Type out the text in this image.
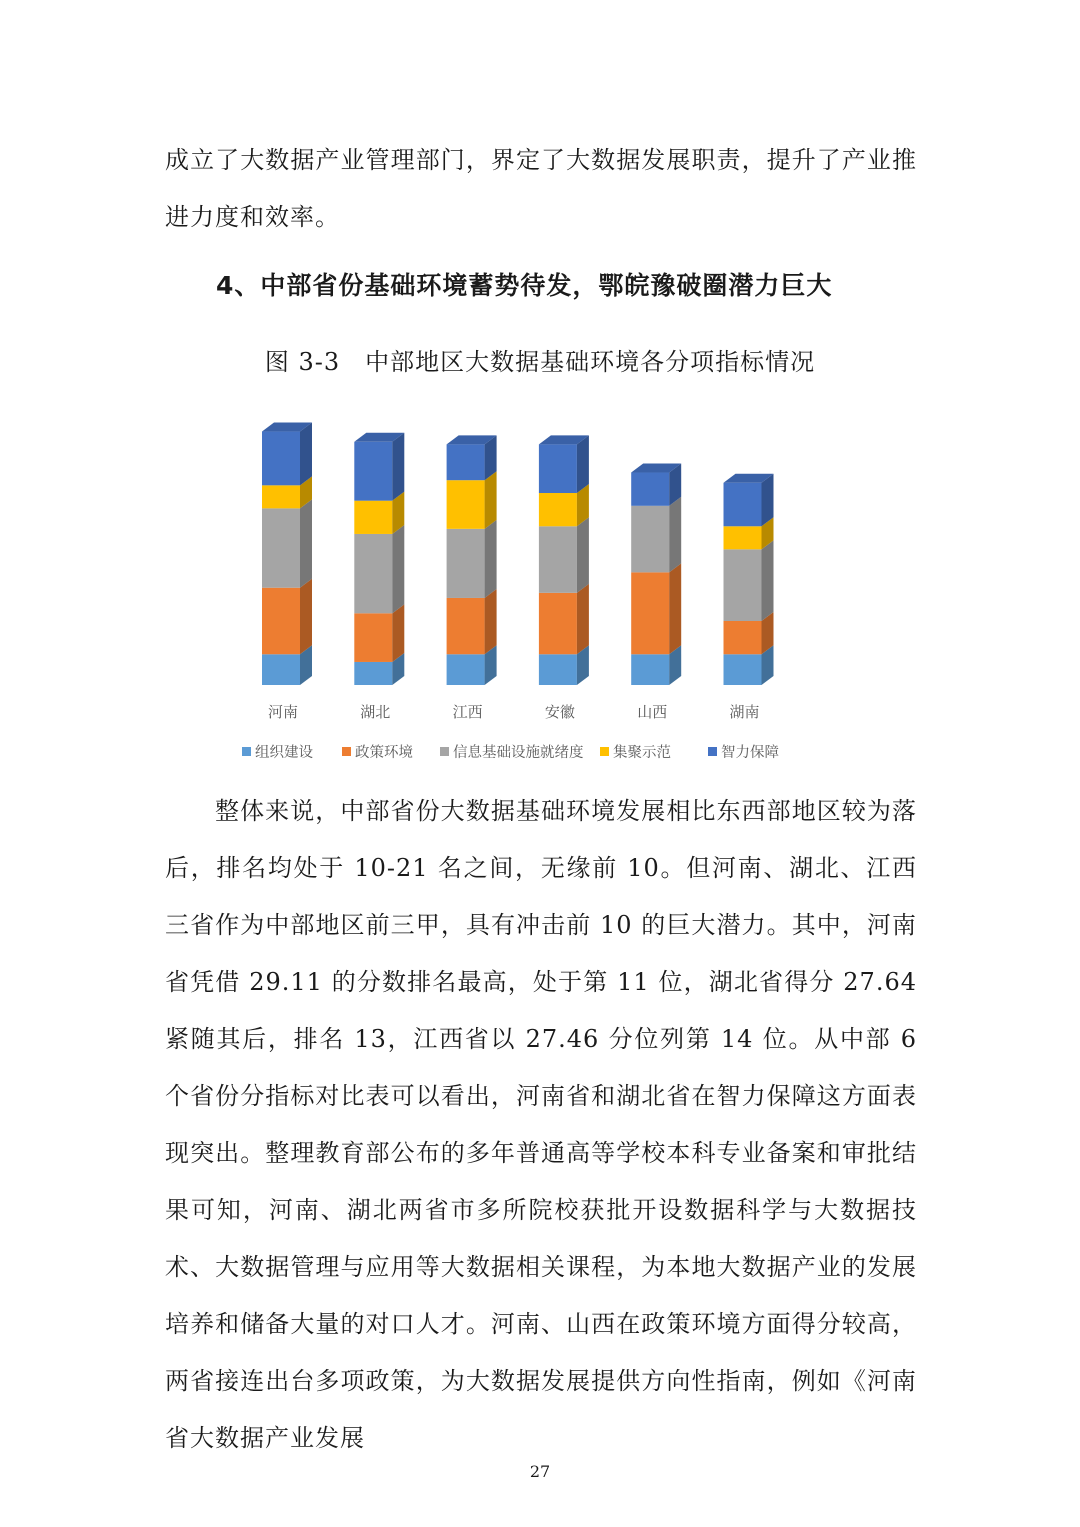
成立了大数据产业管理部门，界定了大数据发展职责，提升了产业推进力度和效率。

4、中部省份基础环境蓄势待发，鄂皖豫破圈潜力巨大

图 3-3　中部地区大数据基础环境各分项指标情况

河南	湖北	江西	安徽	山西	湖南
组织建设	政策环境	信息基础设施就绪度 集聚示范	智力保障

整体来说，中部省份大数据基础环境发展相比东西部地区较为落后，排名均处于 10-21 名之间，无缘前 10。但河南、湖北、江西三省作为中部地区前三甲，具有冲击前 10 的巨大潜力。其中，河南省凭借 29.11 的分数排名最高，处于第 11 位，湖北省得分 27.64 紧随其后，排名 13，江西省以 27.46 分位列第 14 位。从中部 6 个省份分指标对比表可以看出，河南省和湖北省在智力保障这方面表现突出。整理教育部公布的多年普通高等学校本科专业备案和审批结果可知，河南、湖北两省市多所院校获批开设数据科学与大数据技术、大数据管理与应用等大数据相关课程，为本地大数据产业的发展培养和储备大量的对口人才。河南、山西在政策环境方面得分较高，两省接连出台多项政策，为大数据发展提供方向性指南，例如《河南省大数据产业发展

27
